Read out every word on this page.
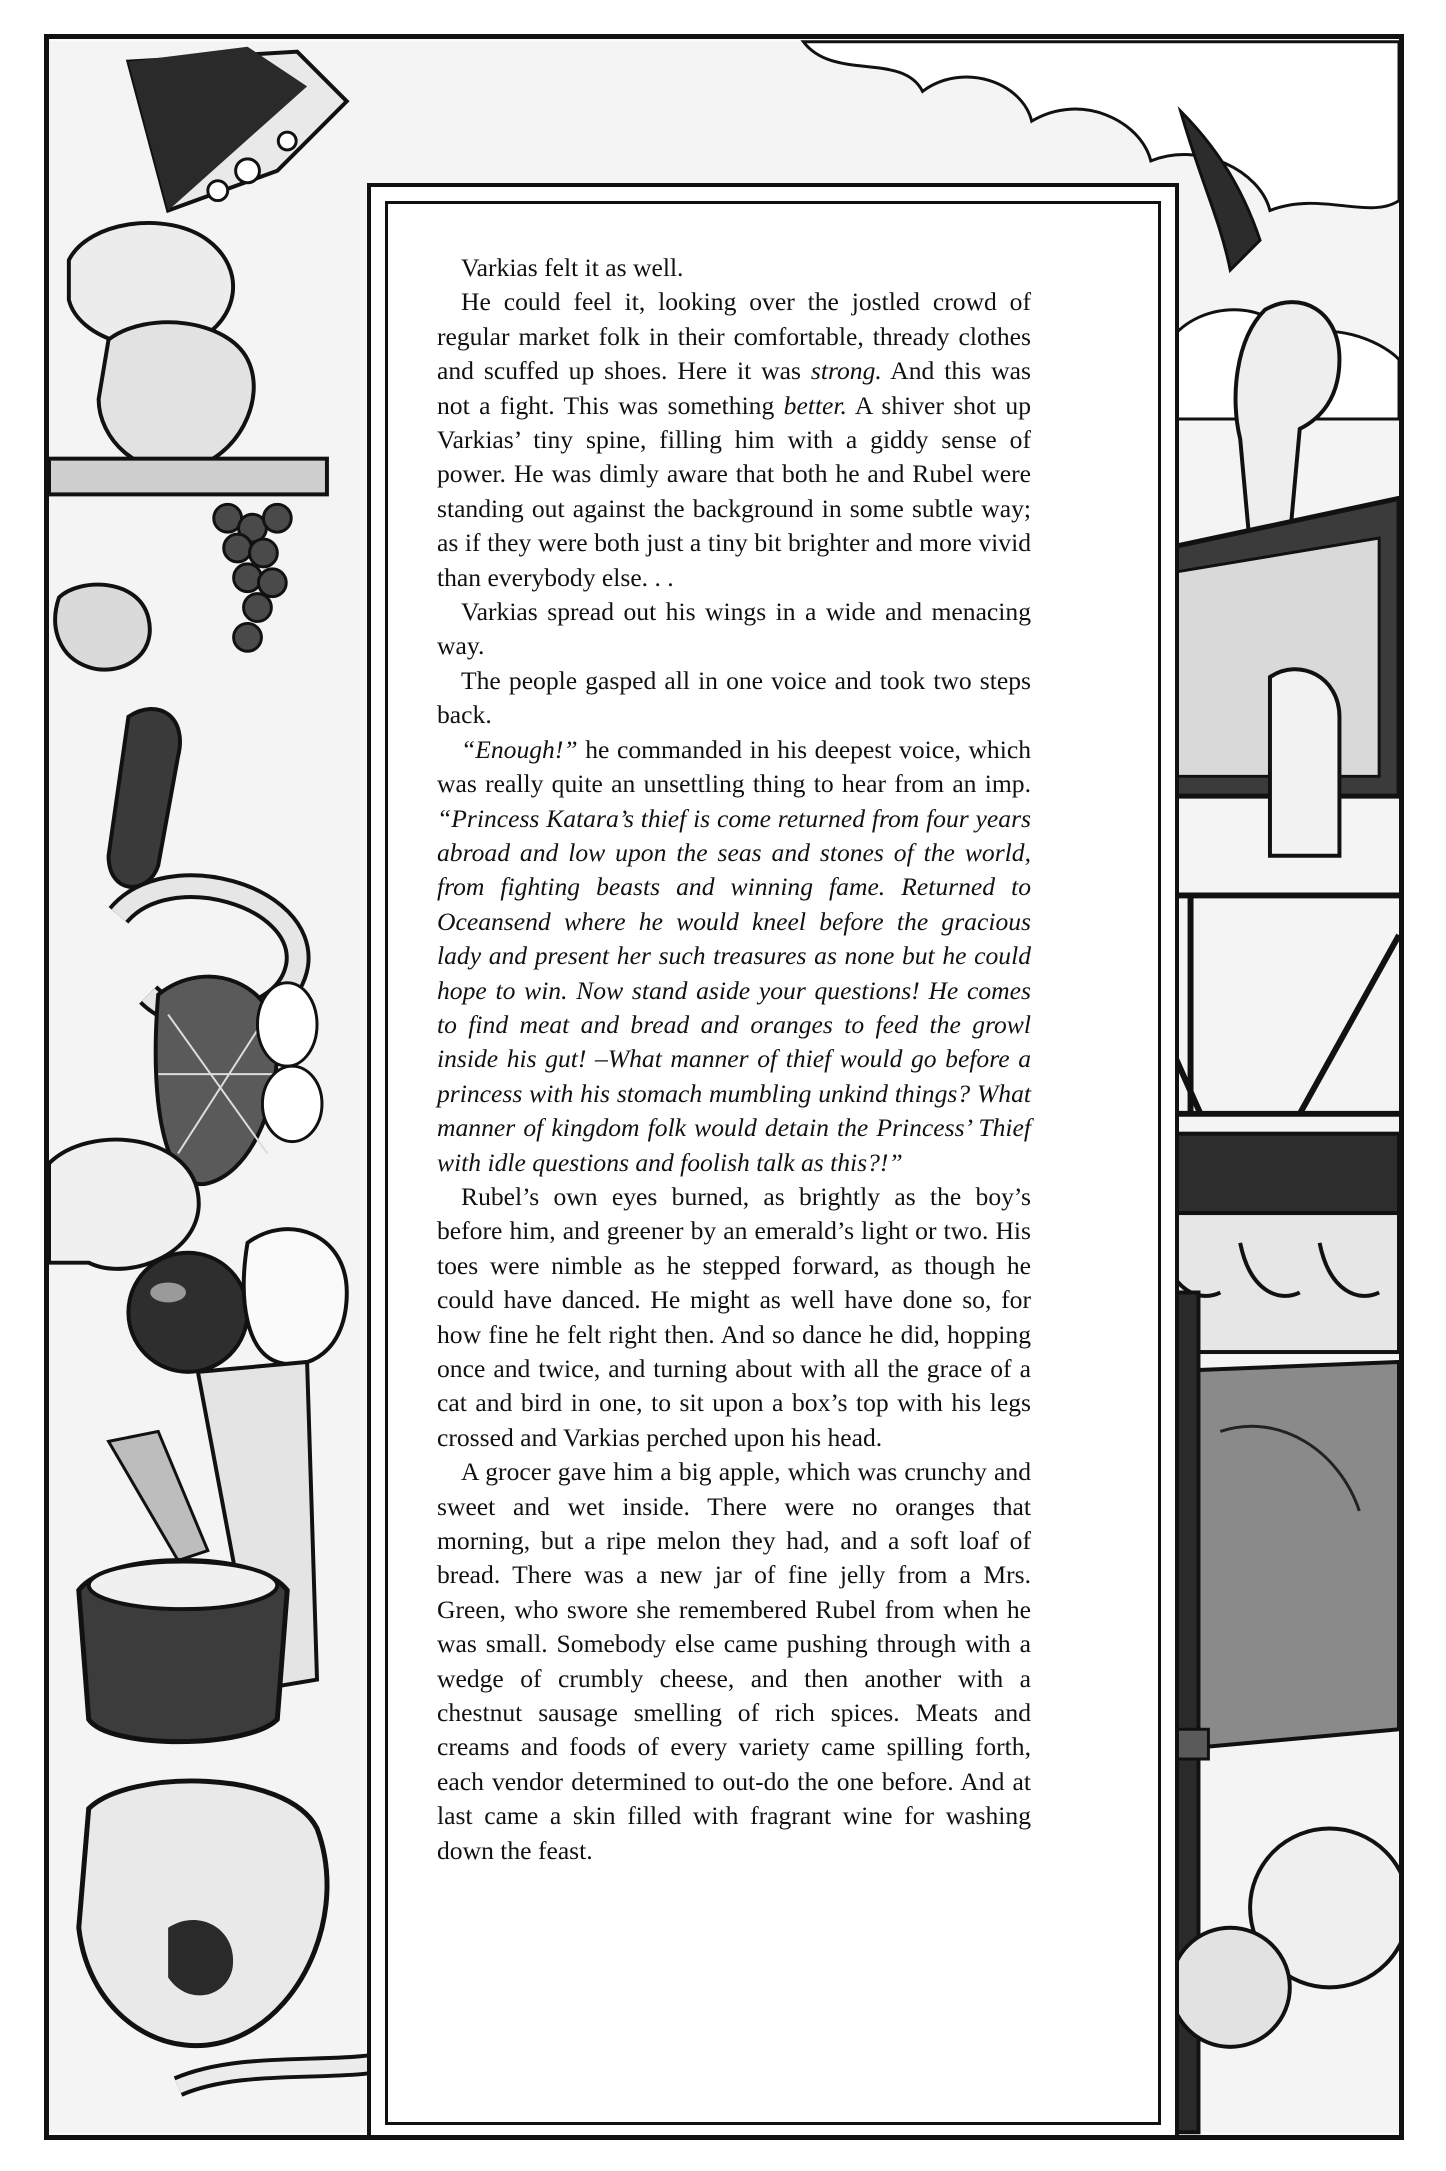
Varkias felt it as well.

He could feel it, looking over the jostled crowd of regular market folk in their comfortable, thready clothes and scuffed up shoes. Here it was strong. And this was not a fight. This was something better. A shiver shot up Varkias’ tiny spine, filling him with a giddy sense of power. He was dimly aware that both he and Rubel were standing out against the background in some subtle way; as if they were both just a tiny bit brighter and more vivid than everybody else. . .

Varkias spread out his wings in a wide and menacing way.

The people gasped all in one voice and took two steps back.

“Enough!” he commanded in his deepest voice, which was really quite an unsettling thing to hear from an imp. “Princess Katara’s thief is come returned from four years abroad and low upon the seas and stones of the world, from fighting beasts and winning fame. Returned to Oceansend where he would kneel before the gracious lady and present her such treasures as none but he could hope to win. Now stand aside your questions! He comes to find meat and bread and oranges to feed the growl inside his gut! –What manner of thief would go before a princess with his stomach mumbling unkind things? What manner of kingdom folk would detain the Princess’ Thief with idle questions and foolish talk as this?!”

Rubel’s own eyes burned, as brightly as the boy’s before him, and greener by an emerald’s light or two. His toes were nimble as he stepped forward, as though he could have danced. He might as well have done so, for how fine he felt right then. And so dance he did, hopping once and twice, and turning about with all the grace of a cat and bird in one, to sit upon a box’s top with his legs crossed and Varkias perched upon his head.

A grocer gave him a big apple, which was crunchy and sweet and wet inside. There were no oranges that morning, but a ripe melon they had, and a soft loaf of bread. There was a new jar of fine jelly from a Mrs. Green, who swore she remembered Rubel from when he was small. Somebody else came pushing through with a wedge of crumbly cheese, and then another with a chestnut sausage smelling of rich spices. Meats and creams and foods of every variety came spilling forth, each vendor determined to out-do the one before. And at last came a skin filled with fragrant wine for washing down the feast.
